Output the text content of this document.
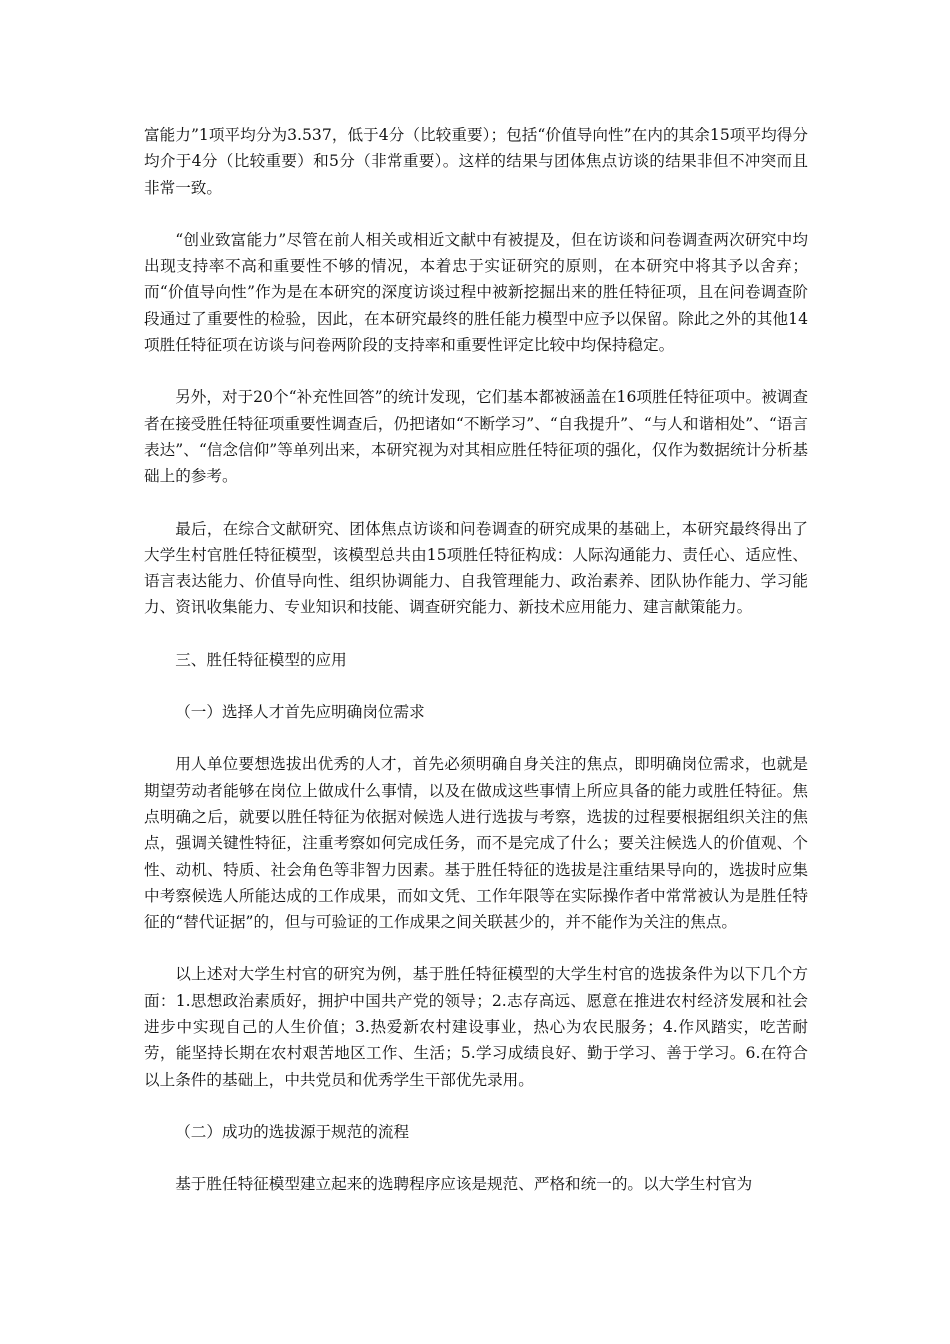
富能力”1项平均分为3.537，低于4分（比较重要）；包括“价值导向性”在内的其余15项平均得分均介于4分（比较重要）和5分（非常重要）。这样的结果与团体焦点访谈的结果非但不冲突而且非常一致。

“创业致富能力”尽管在前人相关或相近文献中有被提及，但在访谈和问卷调查两次研究中均出现支持率不高和重要性不够的情况，本着忠于实证研究的原则，在本研究中将其予以舍弃；而“价值导向性”作为是在本研究的深度访谈过程中被新挖掘出来的胜任特征项，且在问卷调查阶段通过了重要性的检验，因此，在本研究最终的胜任能力模型中应予以保留。除此之外的其他14项胜任特征项在访谈与问卷两阶段的支持率和重要性评定比较中均保持稳定。

另外，对于20个“补充性回答”的统计发现，它们基本都被涵盖在16项胜任特征项中。被调查者在接受胜任特征项重要性调查后，仍把诸如“不断学习”、“自我提升”、“与人和谐相处”、“语言表达”、“信念信仰”等单列出来，本研究视为对其相应胜任特征项的强化，仅作为数据统计分析基础上的参考。

最后，在综合文献研究、团体焦点访谈和问卷调查的研究成果的基础上，本研究最终得出了大学生村官胜任特征模型，该模型总共由15项胜任特征构成：人际沟通能力、责任心、适应性、语言表达能力、价值导向性、组织协调能力、自我管理能力、政治素养、团队协作能力、学习能力、资讯收集能力、专业知识和技能、调查研究能力、新技术应用能力、建言献策能力。

三、胜任特征模型的应用

（一）选择人才首先应明确岗位需求

用人单位要想选拔出优秀的人才，首先必须明确自身关注的焦点，即明确岗位需求，也就是期望劳动者能够在岗位上做成什么事情，以及在做成这些事情上所应具备的能力或胜任特征。焦点明确之后，就要以胜任特征为依据对候选人进行选拔与考察，选拔的过程要根据组织关注的焦点，强调关键性特征，注重考察如何完成任务，而不是完成了什么；要关注候选人的价值观、个性、动机、特质、社会角色等非智力因素。基于胜任特征的选拔是注重结果导向的，选拔时应集中考察候选人所能达成的工作成果，而如文凭、工作年限等在实际操作者中常常被认为是胜任特征的“替代证据”的，但与可验证的工作成果之间关联甚少的，并不能作为关注的焦点。

以上述对大学生村官的研究为例，基于胜任特征模型的大学生村官的选拔条件为以下几个方面：1.思想政治素质好，拥护中国共产党的领导；2.志存高远、愿意在推进农村经济发展和社会进步中实现自己的人生价值；3.热爱新农村建设事业，热心为农民服务；4.作风踏实，吃苦耐劳，能坚持长期在农村艰苦地区工作、生活；5.学习成绩良好、勤于学习、善于学习。6.在符合以上条件的基础上，中共党员和优秀学生干部优先录用。

（二）成功的选拔源于规范的流程

基于胜任特征模型建立起来的选聘程序应该是规范、严格和统一的。以大学生村官为
